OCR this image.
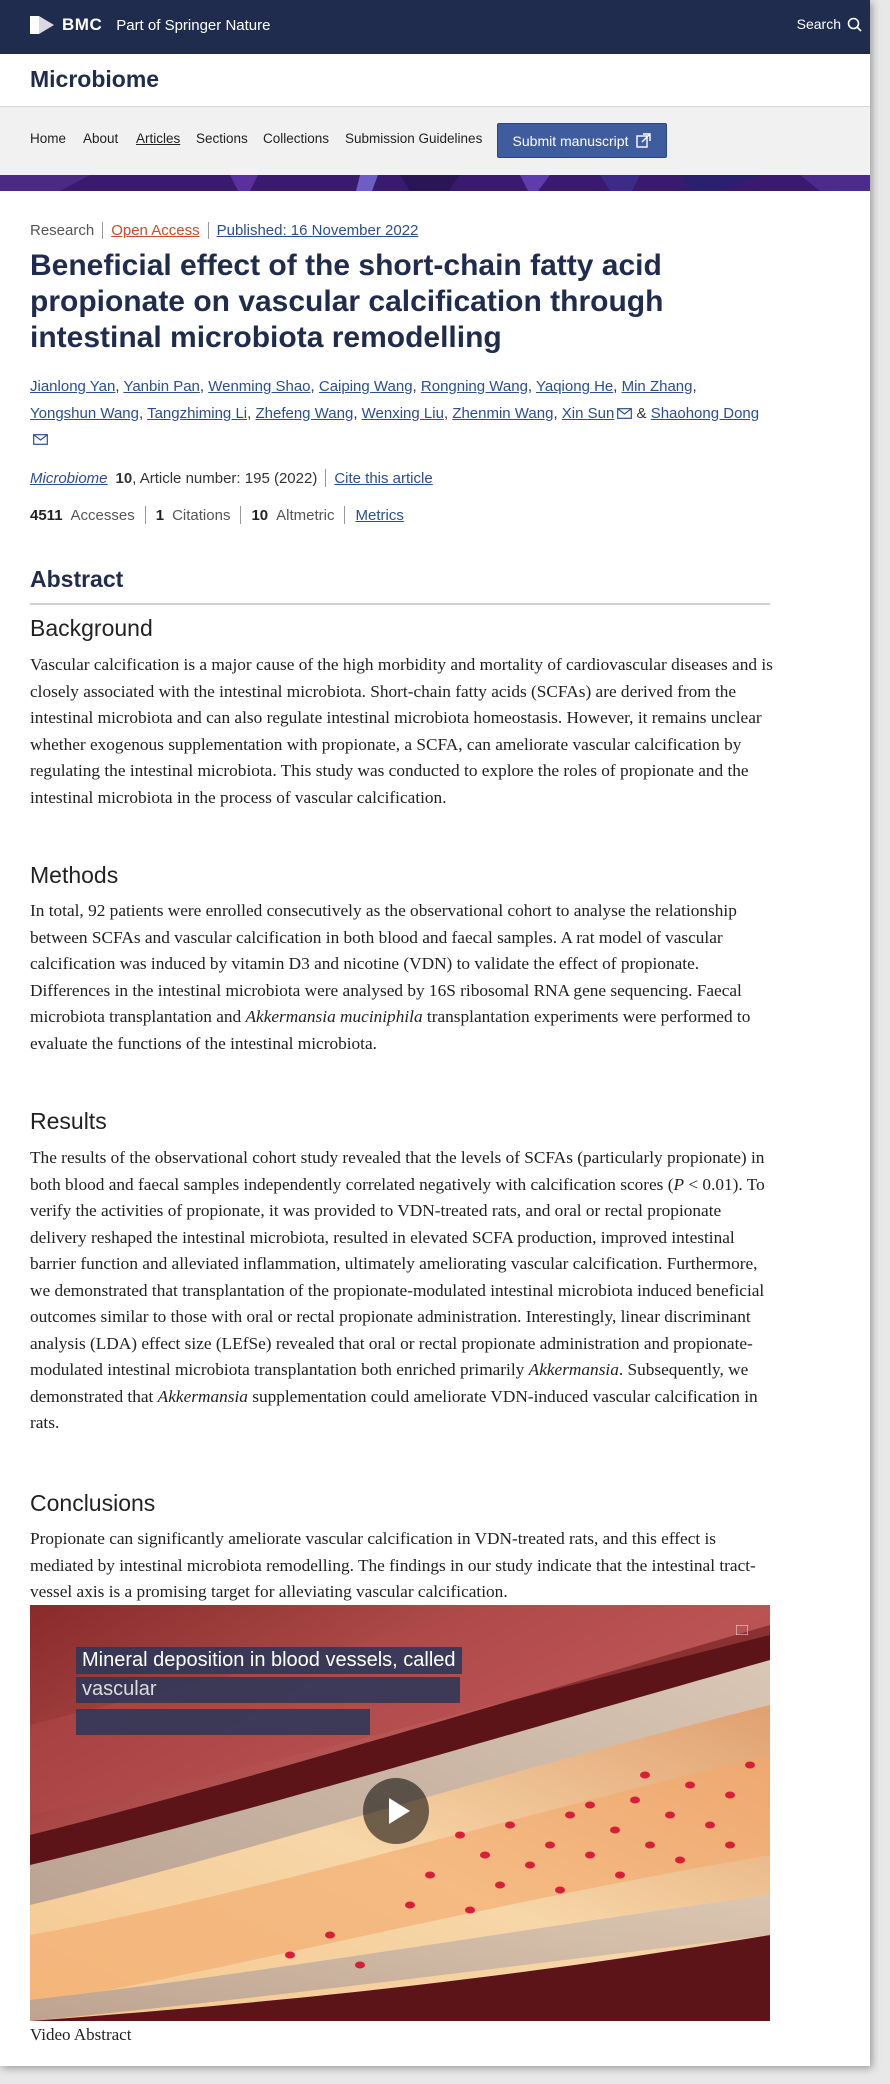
BMC Part of Springer Nature	Search
Microbiome
Home About Articles Sections Collections Submission Guidelines Submit manuscript
Research Open Access Published: 16 November 2022
Beneficial effect of the short-chain fatty acid propionate on vascular calcification through intestinal microbiota remodelling
Jianlong Yan, Yanbin Pan, Wenming Shao, Caiping Wang, Rongning Wang, Yaqiong He, Min Zhang, Yongshun Wang, Tangzhiming Li, Zhefeng Wang, Wenxing Liu, Zhenmin Wang, Xin Sun & Shaohong Dong
Microbiome 10 , Article number: 195 (2022) Cite this article
4511 Accesses 1 Citations 10 Altmetric Metrics
Abstract
Background

Vascular calcification is a major cause of the high morbidity and mortality of cardiovascular diseases and is closely associated with the intestinal microbiota. Short-chain fatty acids (SCFAs) are derived from the intestinal microbiota and can also regulate intestinal microbiota homeostasis. However, it remains unclear whether exogenous supplementation with propionate, a SCFA, can ameliorate vascular calcification by regulating the intestinal microbiota. This study was conducted to explore the roles of propionate and the intestinal microbiota in the process of vascular calcification.

Methods

In total, 92 patients were enrolled consecutively as the observational cohort to analyse the relationship between SCFAs and vascular calcification in both blood and faecal samples. A rat model of vascular calcification was induced by vitamin D3 and nicotine (VDN) to validate the effect of propionate. Differences in the intestinal microbiota were analysed by 16S ribosomal RNA gene sequencing. Faecal microbiota transplantation and Akkermansia muciniphila transplantation experiments were performed to evaluate the functions of the intestinal microbiota.

Results

The results of the observational cohort study revealed that the levels of SCFAs (particularly propionate) in both blood and faecal samples independently correlated negatively with calcification scores (P < 0.01). To verify the activities of propionate, it was provided to VDN-treated rats, and oral or rectal propionate delivery reshaped the intestinal microbiota, resulted in elevated SCFA production, improved intestinal barrier function and alleviated inflammation, ultimately ameliorating vascular calcification. Furthermore, we demonstrated that transplantation of the propionate-modulated intestinal microbiota induced beneficial outcomes similar to those with oral or rectal propionate administration. Interestingly, linear discriminant analysis (LDA) effect size (LEfSe) revealed that oral or rectal propionate administration and propionate-modulated intestinal microbiota transplantation both enriched primarily Akkermansia. Subsequently, we demonstrated that Akkermansia supplementation could ameliorate VDN-induced vascular calcification in rats.

Conclusions

Propionate can significantly ameliorate vascular calcification in VDN-treated rats, and this effect is mediated by intestinal microbiota remodelling. The findings in our study indicate that the intestinal tract-vessel axis is a promising target for alleviating vascular calcification.

Mineral deposition in blood vessels, called
vascular
Video Abstract
